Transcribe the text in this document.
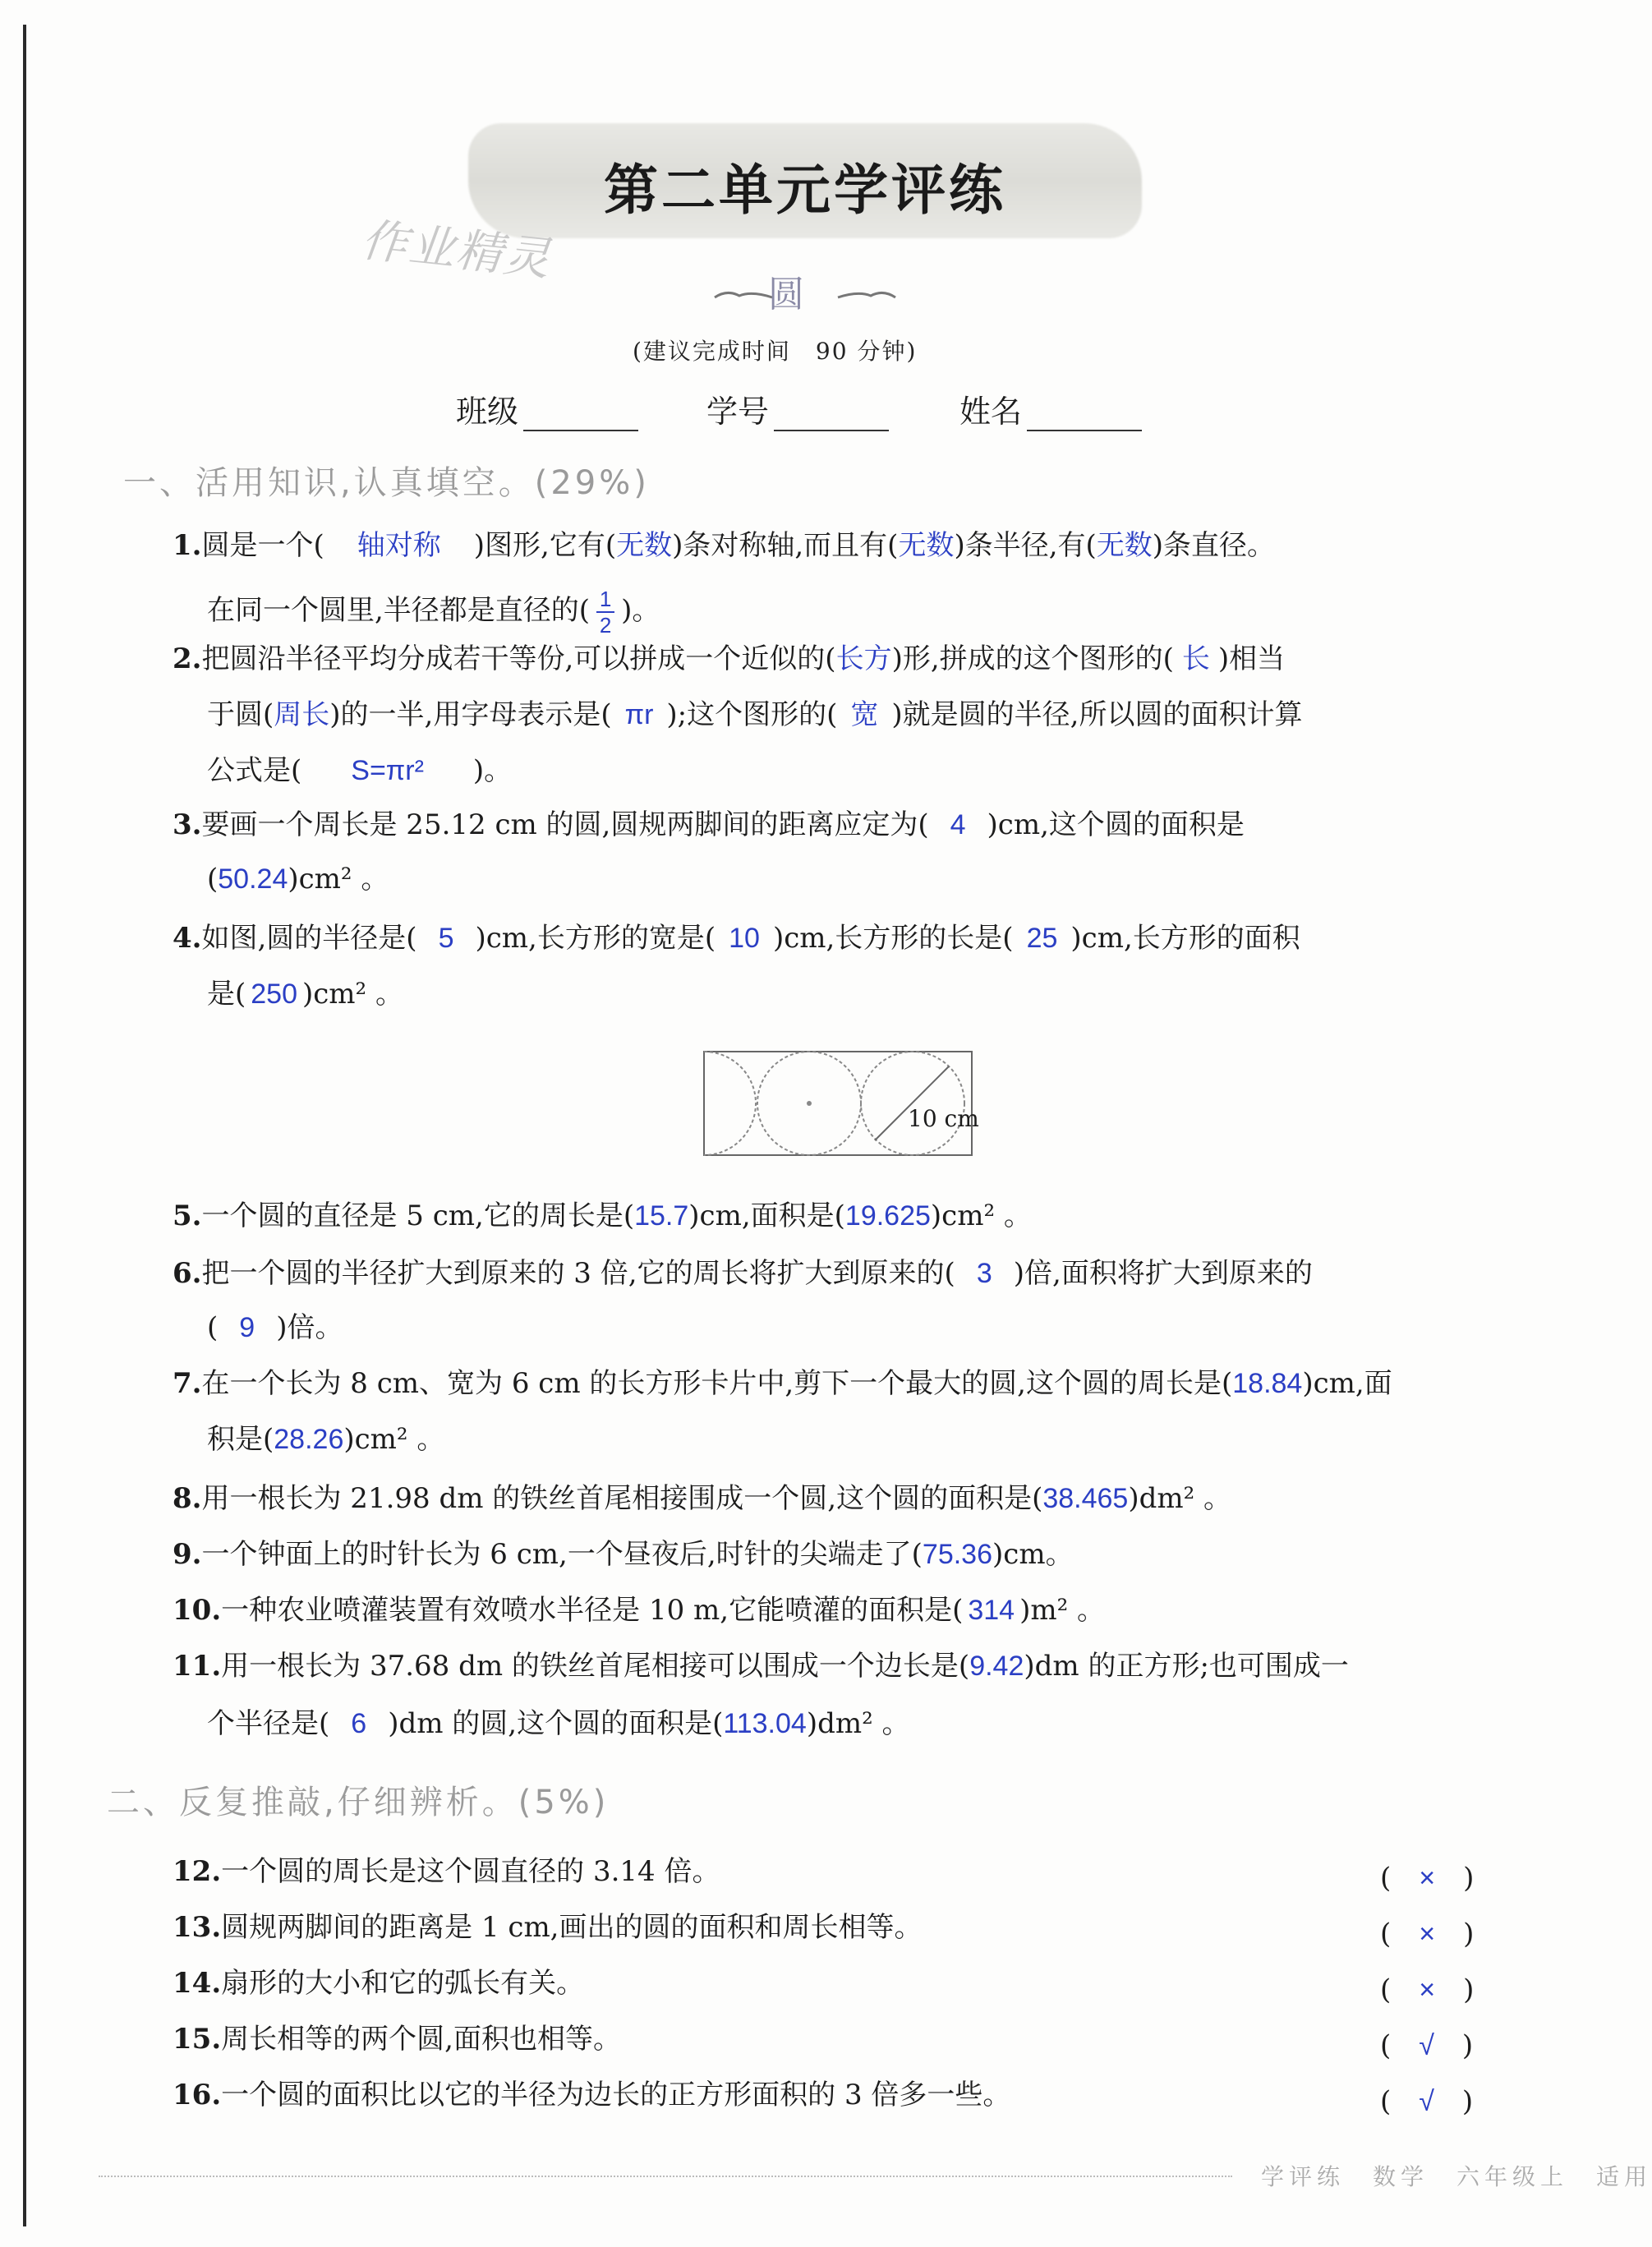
第二单元学评练
作业精灵
圆
(建议完成时间　90 分钟)
班级	学号	姓名
一、活用知识,认真填空。(29%)
1.圆是一个( 轴对称 )图形,它有(无数)条对称轴,而且有(无数)条半径,有(无数)条直径。
在同一个圆里,半径都是直径的( $\frac{1}{2}$ )。
2.把圆沿半径平均分成若干等份,可以拼成一个近似的(长方)形,拼成的这个图形的( 长 )相当
于圆(周长)的一半,用字母表示是( πr );这个图形的( 宽 )就是圆的半径,所以圆的面积计算
公式是( S=πr² )。
3.要画一个周长是 25.12 cm 的圆,圆规两脚间的距离应定为( 4 )cm,这个圆的面积是
(50.24)cm² 。
4.如图,圆的半径是( 5 )cm,长方形的宽是( 10 )cm,长方形的长是( 25 )cm,长方形的面积
是( 250 )cm² 。
10 cm
5.一个圆的直径是 5 cm,它的周长是(15.7)cm,面积是(19.625)cm² 。
6.把一个圆的半径扩大到原来的 3 倍,它的周长将扩大到原来的( 3 )倍,面积将扩大到原来的
( 9 )倍。
7.在一个长为 8 cm、宽为 6 cm 的长方形卡片中,剪下一个最大的圆,这个圆的周长是(18.84)cm,面
积是(28.26)cm² 。
8.用一根长为 21.98 dm 的铁丝首尾相接围成一个圆,这个圆的面积是(38.465)dm² 。
9.一个钟面上的时针长为 6 cm,一个昼夜后,时针的尖端走了(75.36)cm。
10.一种农业喷灌装置有效喷水半径是 10 m,它能喷灌的面积是( 314 )m² 。
11.用一根长为 37.68 dm 的铁丝首尾相接可以围成一个边长是(9.42)dm 的正方形;也可围成一
个半径是( 6 )dm 的圆,这个圆的面积是(113.04)dm² 。
二、反复推敲,仔细辨析。(5%)
12.一个圆的周长是这个圆直径的 3.14 倍。	(　×　)
13.圆规两脚间的距离是 1 cm,画出的圆的面积和周长相等。	(　×　)
14.扇形的大小和它的弧长有关。	(　×　)
15.周长相等的两个圆,面积也相等。	(　√　)
16.一个圆的面积比以它的半径为边长的正方形面积的 3 倍多一些。	(　√　)
学评练　数学　六年级上　适用
